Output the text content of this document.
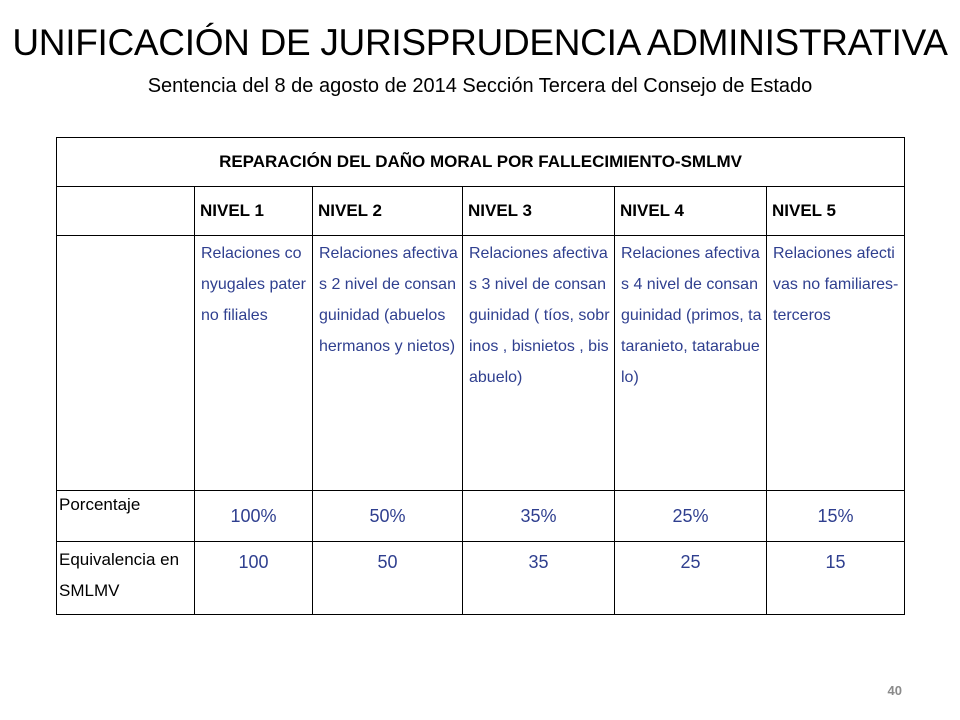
UNIFICACIÓN DE JURISPRUDENCIA ADMINISTRATIVA

Sentencia del 8 de agosto de 2014 Sección Tercera del Consejo de Estado

REPARACIÓN DEL DAÑO MORAL POR FALLECIMIENTO-SMLMV					
	NIVEL 1	NIVEL 2	NIVEL 3	NIVEL 4	NIVEL 5
	Relaciones conyugales paterno filiales	Relaciones afectivas 2 nivel de consanguinidad (abuelos hermanos y nietos)	Relaciones afectivas 3 nivel de consanguinidad ( tíos, sobrinos , bisnietos , bisabuelo)	Relaciones afectivas 4 nivel de consanguinidad (primos, tataranieto, tatarabuelo)	Relaciones afectivas no familiares-terceros
Porcentaje	100%	50%	35%	25%	15%
Equivalencia en SMLMV	100	50	35	25	15
40
